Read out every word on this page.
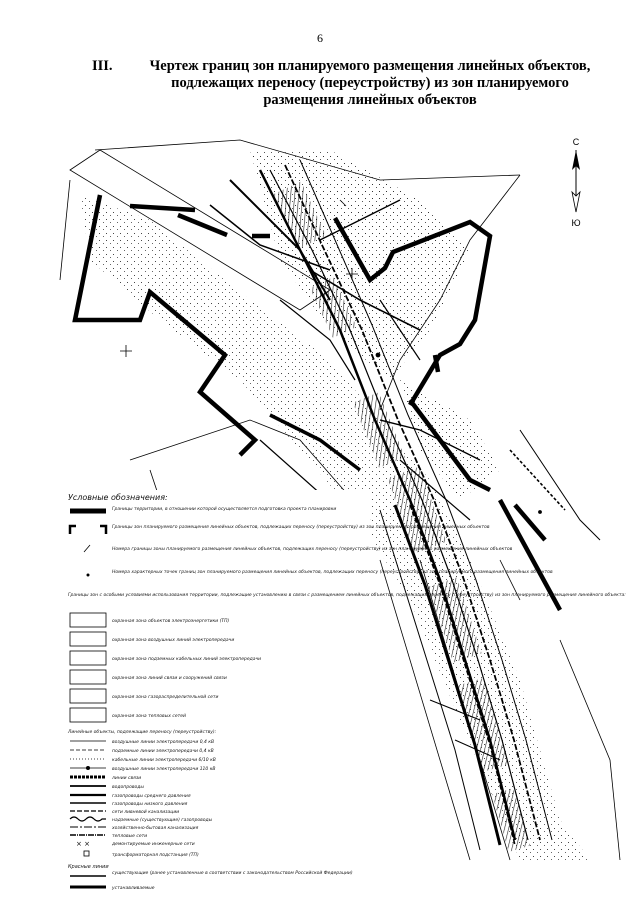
6
III.	Чертеж границ зон планируемого размещения линейных объектов, подлежащих переносу (переустройству) из зон планируемого размещения линейных объектов
С
Ю
Условные обозначения:
Границы территории, в отношении которой осуществляется подготовка проекта планировки
Границы зон планируемого размещения линейных объектов, подлежащих переносу (переустройству) из зон планируемого размещения линейных объектов
Номера границы зоны планируемого размещения линейных объектов, подлежащих переносу (переустройству) из зон планируемого размещения линейных объектов
Номера характерных точек границ зон планируемого размещения линейных объектов, подлежащих переносу (переустройству) из зон планируемого размещения линейных объектов
Границы зон с особыми условиями использования территории, подлежащие установлению в связи с размещением линейных объектов, подлежащих переносу (переустройству) из зон планируемого размещения линейного объекта:
охранная зона объектов электроэнергетики (ТП)
охранная зона воздушных линий электропередачи
охранная зона подземных кабельных линий электропередачи
охранная зона линий связи и сооружений связи
охранная зона газораспределительной сети
охранная зона тепловых сетей
Линейные объекты, подлежащие переносу (переустройству):
воздушные линии электропередачи 0,4 кВ
подземные линии электропередачи 0,4 кВ
кабельные линии электропередачи 6/10 кВ
воздушные линии электропередачи 110 кВ
линии связи
водопроводы
газопроводы среднего давления
газопроводы низкого давления
сети ливневой канализации
надземные (существующие) газопроводы
хозяйственно-бытовая канализация
тепловые сети
× ×	демонтируемые инженерные сети
трансформаторная подстанция (ТП)
Красные линии
существующие (ранее установленные в соответствии с законодательством Российской Федерации)
устанавливаемые
